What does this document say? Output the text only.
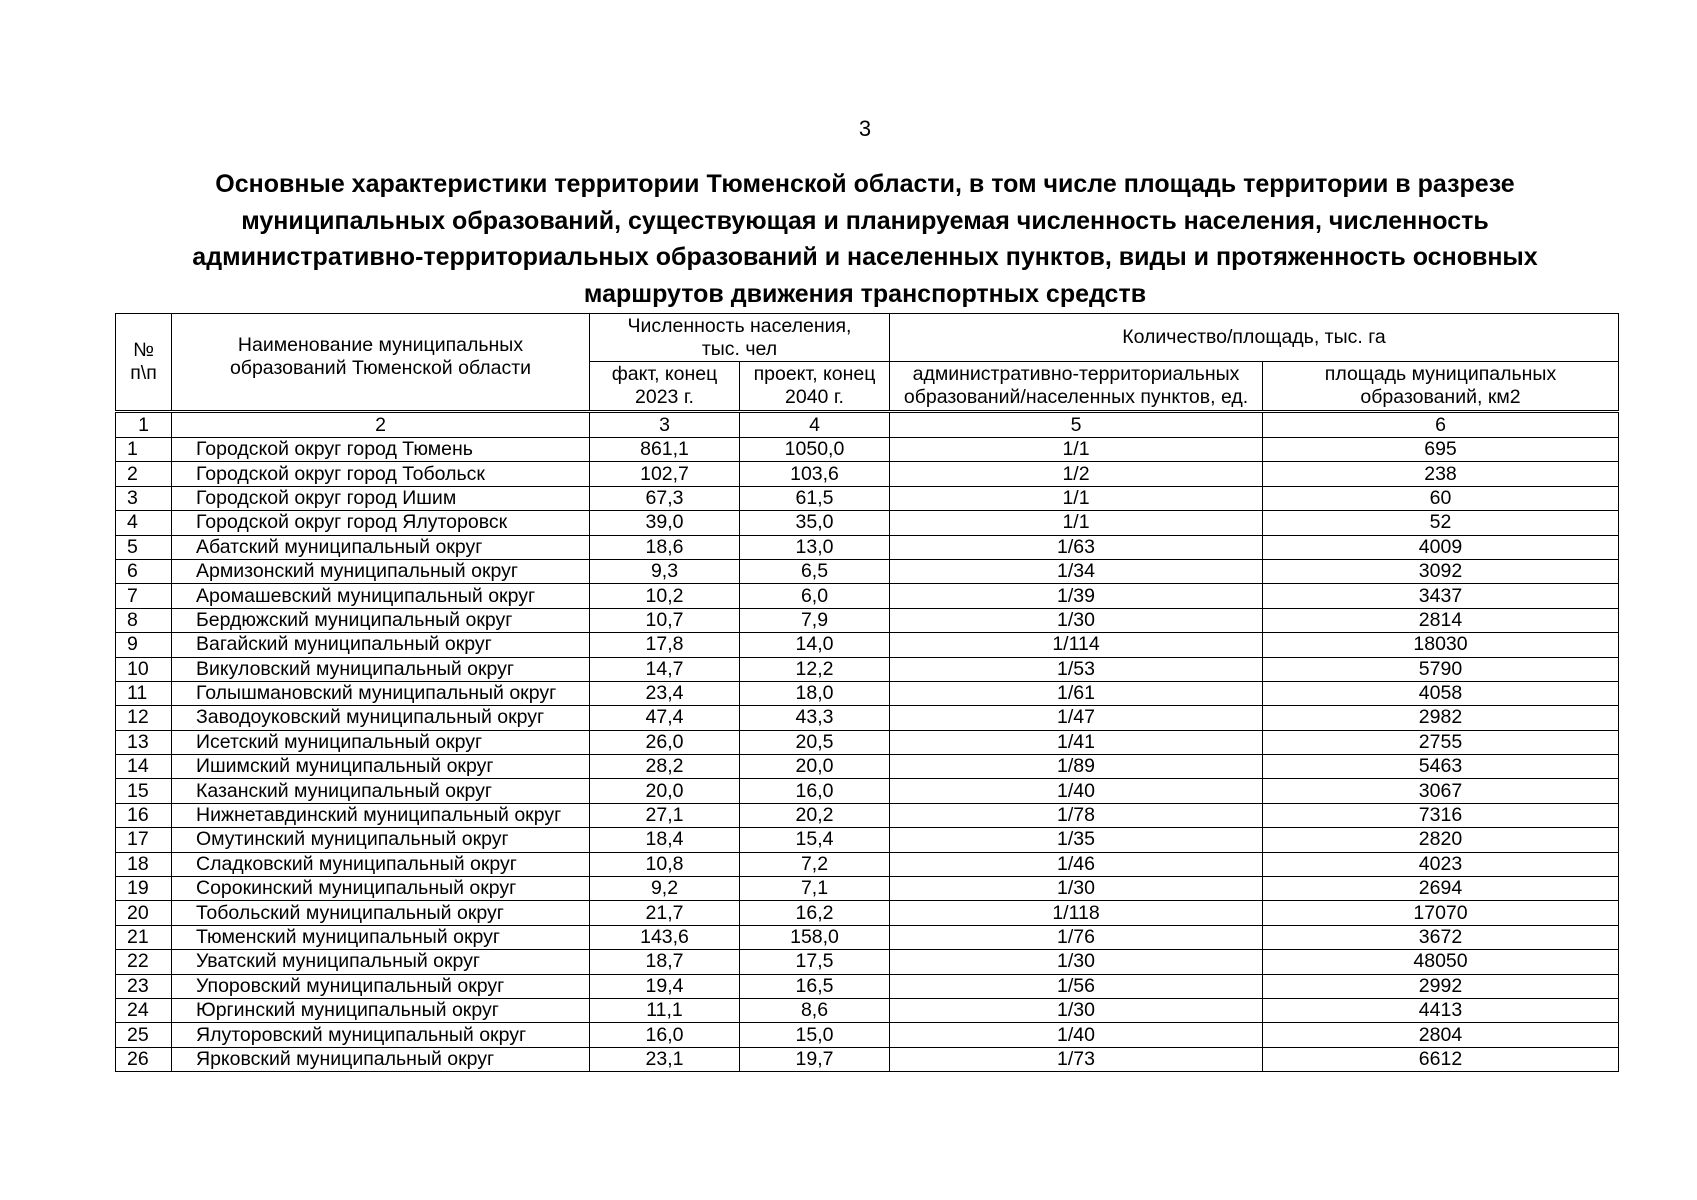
3
Основные характеристики территории Тюменской области, в том числе площадь территории в разрезе муниципальных образований, существующая и планируемая численность населения, численность административно-территориальных образований и населенных пунктов, виды и протяженность основных маршрутов движения транспортных средств
№ п\п	Наименование муниципальных образований Тюменской области	Численность населения, тыс. чел		Количество/площадь, тыс. га	
		факт, конец 2023 г.	проект, конец 2040 г.	административно-территориальных образований/населенных пунктов, ед.	площадь муниципальных образований, км2
1	2	3	4	5	6
1	Городской округ город Тюмень	861,1	1050,0	1/1	695
2	Городской округ город Тобольск	102,7	103,6	1/2	238
3	Городской округ город Ишим	67,3	61,5	1/1	60
4	Городской округ город Ялуторовск	39,0	35,0	1/1	52
5	Абатский муниципальный округ	18,6	13,0	1/63	4009
6	Армизонский муниципальный округ	9,3	6,5	1/34	3092
7	Аромашевский муниципальный округ	10,2	6,0	1/39	3437
8	Бердюжский муниципальный округ	10,7	7,9	1/30	2814
9	Вагайский муниципальный округ	17,8	14,0	1/114	18030
10	Викуловский муниципальный округ	14,7	12,2	1/53	5790
11	Голышмановский муниципальный округ	23,4	18,0	1/61	4058
12	Заводоуковский муниципальный округ	47,4	43,3	1/47	2982
13	Исетский муниципальный округ	26,0	20,5	1/41	2755
14	Ишимский муниципальный округ	28,2	20,0	1/89	5463
15	Казанский муниципальный округ	20,0	16,0	1/40	3067
16	Нижнетавдинский муниципальный округ	27,1	20,2	1/78	7316
17	Омутинский муниципальный округ	18,4	15,4	1/35	2820
18	Сладковский муниципальный округ	10,8	7,2	1/46	4023
19	Сорокинский муниципальный округ	9,2	7,1	1/30	2694
20	Тобольский муниципальный округ	21,7	16,2	1/118	17070
21	Тюменский муниципальный округ	143,6	158,0	1/76	3672
22	Уватский муниципальный округ	18,7	17,5	1/30	48050
23	Упоровский муниципальный округ	19,4	16,5	1/56	2992
24	Юргинский муниципальный округ	11,1	8,6	1/30	4413
25	Ялуторовский муниципальный округ	16,0	15,0	1/40	2804
26	Ярковский муниципальный округ	23,1	19,7	1/73	6612
